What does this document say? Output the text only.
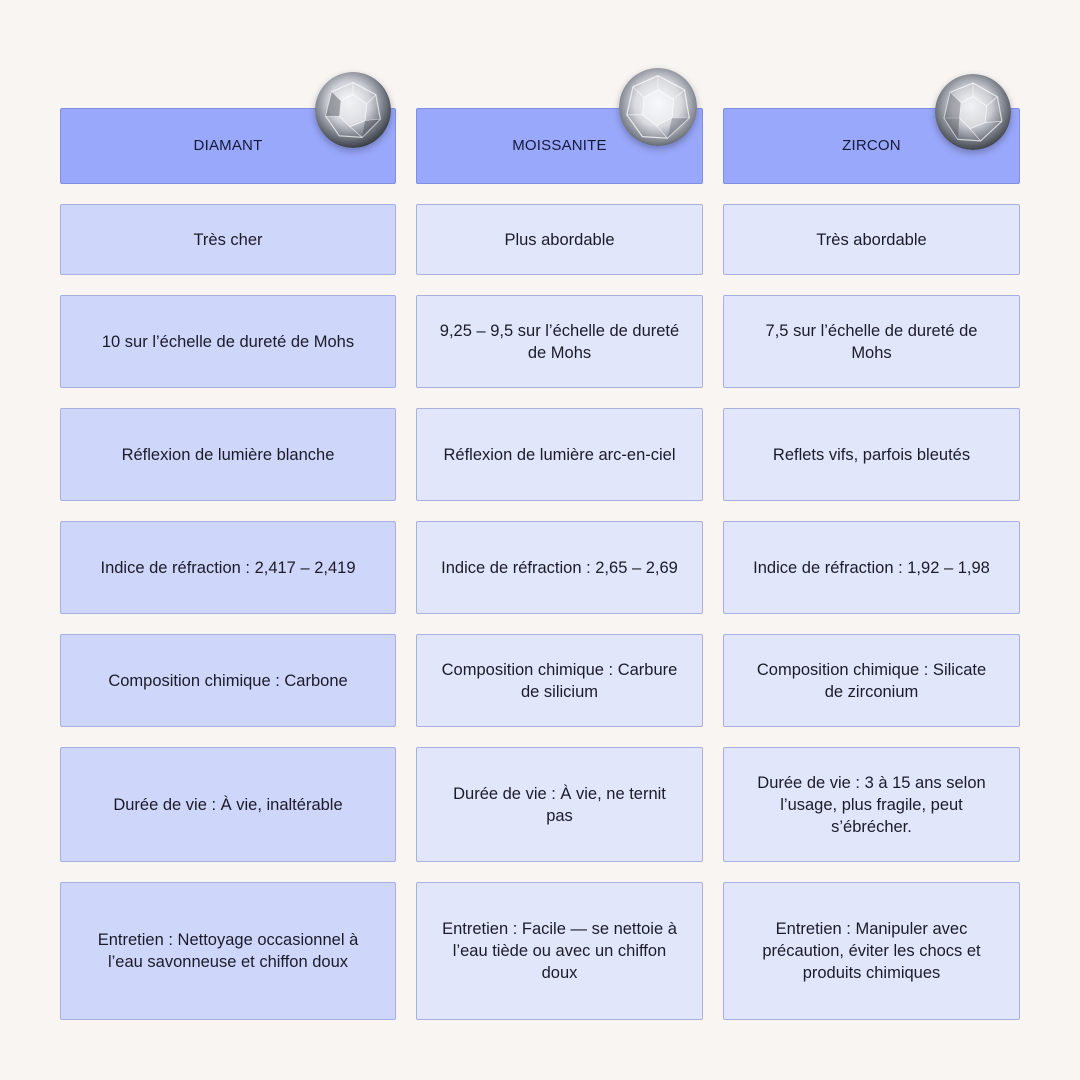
DIAMANT
Très cher
10 sur l’échelle de dureté de Mohs
Réflexion de lumière blanche
Indice de réfraction : 2,417 – 2,419
Composition chimique : Carbone
Durée de vie : À vie, inaltérable
Entretien : Nettoyage occasionnel à l’eau savonneuse et chiffon doux
MOISSANITE
Plus abordable
9,25 – 9,5 sur l’échelle de dureté de Mohs
Réflexion de lumière arc-en-ciel
Indice de réfraction : 2,65 – 2,69
Composition chimique : Carbure de silicium
Durée de vie : À vie, ne ternit pas
Entretien : Facile — se nettoie à l’eau tiède ou avec un chiffon doux
ZIRCON
Très abordable
7,5 sur l’échelle de dureté de Mohs
Reflets vifs, parfois bleutés
Indice de réfraction : 1,92 – 1,98
Composition chimique : Silicate de zirconium
Durée de vie : 3 à 15 ans selon l’usage, plus fragile, peut s’ébrécher.
Entretien : Manipuler avec précaution, éviter les chocs et produits chimiques
